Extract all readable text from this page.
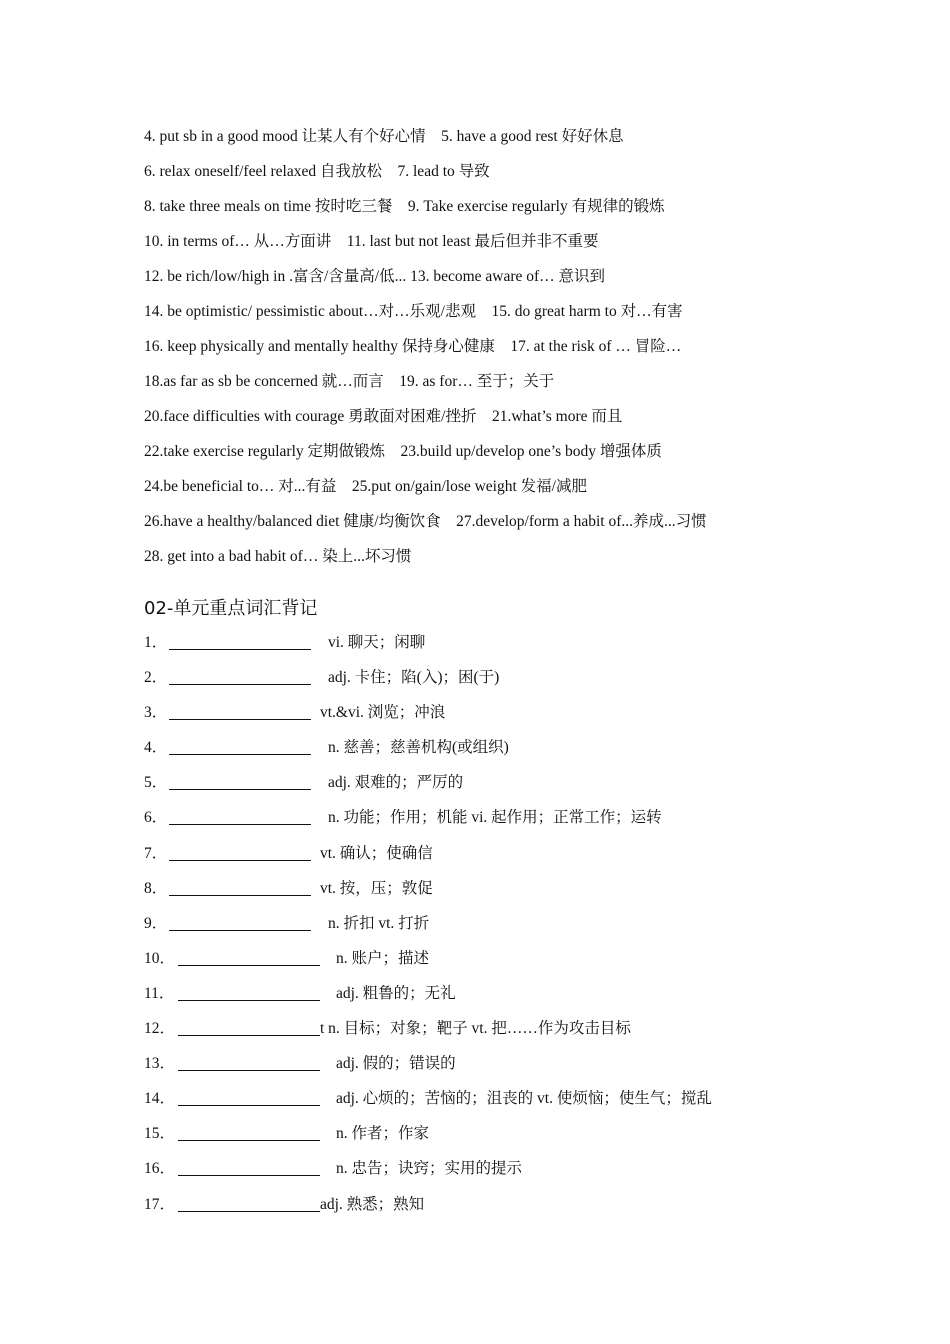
4. put sb in a good mood 让某人有个好心情    5. have a good rest 好好休息
6. relax oneself/feel relaxed 自我放松    7. lead to 导致
8. take three meals on time 按时吃三餐    9. Take exercise regularly 有规律的锻炼
10. in terms of… 从…方面讲    11. last but not least 最后但并非不重要
12. be rich/low/high in .富含/含量高/低... 13. become aware of… 意识到
14. be optimistic/ pessimistic about…对…乐观/悲观    15. do great harm to 对…有害
16. keep physically and mentally healthy 保持身心健康    17. at the risk of … 冒险…
18.as far as sb be concerned 就…而言    19. as for… 至于；关于
20.face difficulties with courage 勇敢面对困难/挫折    21.what’s more 而且
22.take exercise regularly 定期做锻炼    23.build up/develop one’s body 增强体质
24.be beneficial to… 对...有益    25.put on/gain/lose weight 发福/减肥
26.have a healthy/balanced diet 健康/均衡饮食    27.develop/form a habit of...养成...习惯
28. get into a bad habit of… 染上...坏习惯
02-单元重点词汇背记
1．	vi. 聊天；闲聊
2．	adj. 卡住；陷(入)；困(于)
3．	vt.&vi. 浏览；冲浪
4．	n. 慈善；慈善机构(或组织)
5．	adj. 艰难的；严厉的
6．	n. 功能；作用；机能 vi. 起作用；正常工作；运转
7．	vt. 确认；使确信
8．	vt. 按，压；敦促
9．	n. 折扣 vt. 打折
10．	n. 账户；描述
11．	adj. 粗鲁的；无礼
12．	t n. 目标；对象；靶子 vt. 把……作为攻击目标
13．	adj. 假的；错误的
14．	adj. 心烦的；苦恼的；沮丧的 vt. 使烦恼；使生气；搅乱
15．	n. 作者；作家
16．	n. 忠告；诀窍；实用的提示
17．	adj. 熟悉；熟知
